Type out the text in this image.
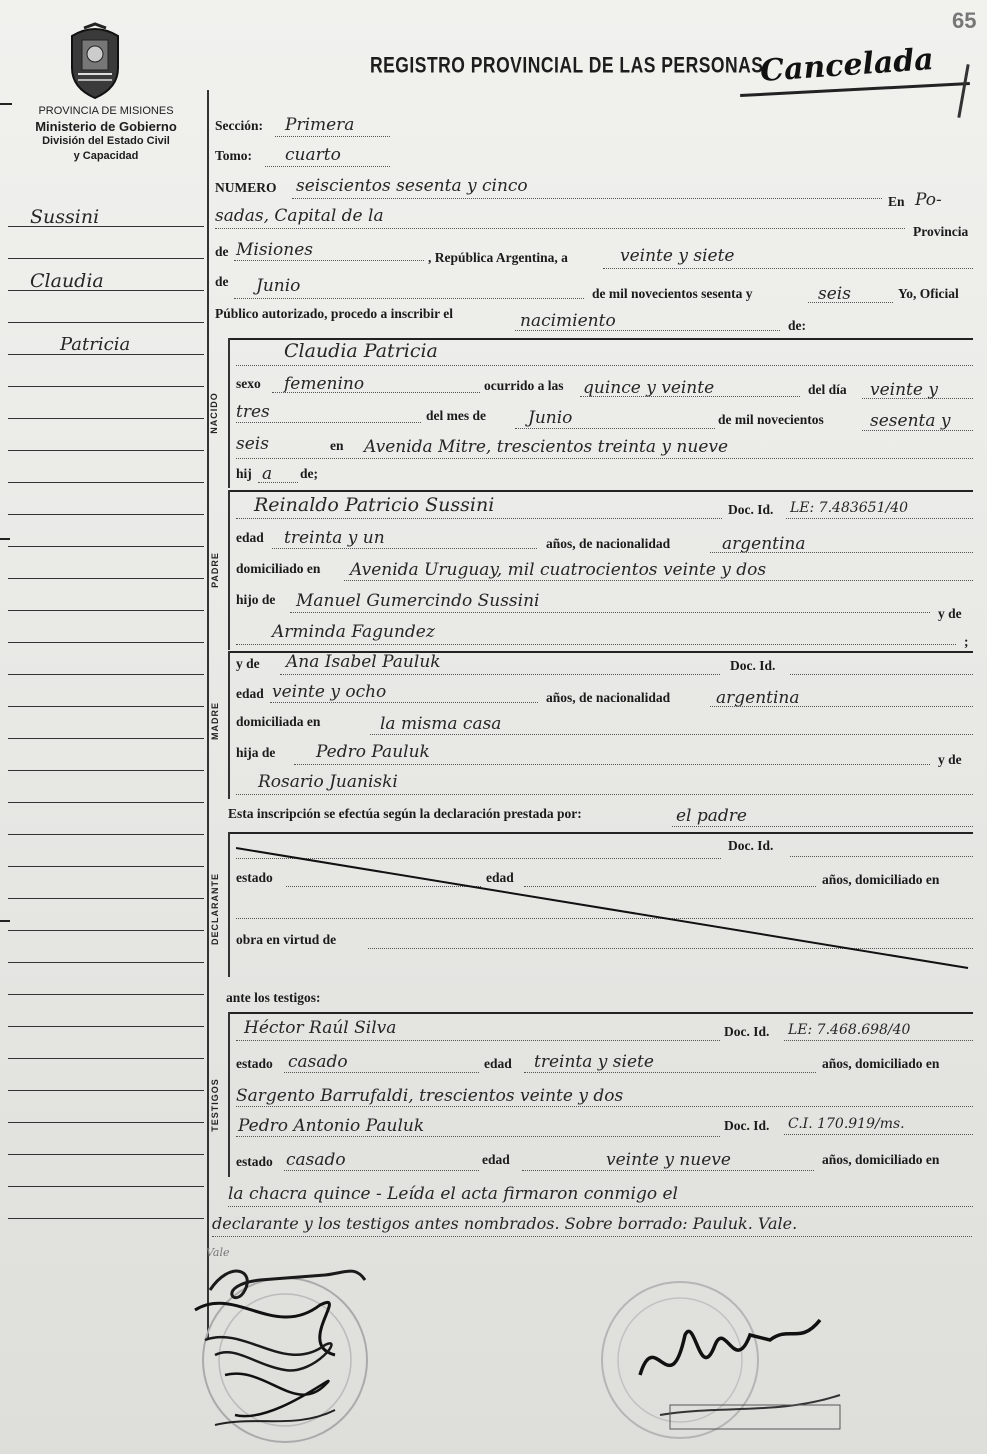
65
PROVINCIA DE MISIONES
Ministerio de Gobierno
División del Estado Civil
y Capacidad
REGISTRO PROVINCIAL DE LAS PERSONAS
Cancelada
Sussini
Claudia
Patricia
Sección: Primera
Tomo: cuarto
NUMERO seiscientos sesenta y cinco
En Po-
sadas, Capital de la
Provincia
de Misiones	, República Argentina, a	veinte y siete
de Junio	de mil novecientos sesenta y	seis	Yo, Oficial
Público autorizado, procedo a inscribir el	nacimiento	de:
NACIDO
Claudia Patricia
sexo femenino	ocurrido a las quince y veinte	del día veinte y
tres	del mes de Junio	de mil novecientos	sesenta y
seis	en Avenida Mitre, trescientos treinta y nueve
hij a de;
PADRE
Reinaldo Patricio Sussini	Doc. Id. LE: 7.483651/40
edad treinta y un	años, de nacionalidad	argentina
domiciliado en Avenida Uruguay, mil cuatrocientos veinte y dos
hijo de Manuel Gumercindo Sussini
y de
Arminda Fagundez	;
MADRE
y de Ana Isabel Pauluk	Doc. Id.
edad veinte y ocho	años, de nacionalidad	argentina
domiciliada en	la misma casa
hija de Pedro Pauluk	y de
Rosario Juaniski
Esta inscripción se efectúa según la declaración prestada por:	el padre
DECLARANTE
Doc. Id.
estado	edad	años, domiciliado en
obra en virtud de
ante los testigos:
TESTIGOS
Héctor Raúl Silva	Doc. Id. LE: 7.468.698/40
estado casado	edad treinta y siete	años, domiciliado en
Sargento Barrufaldi, trescientos veinte y dos
Pedro Antonio Pauluk	Doc. Id. C.I. 170.919/ms.
estado casado	edad	veinte y nueve	años, domiciliado en
la chacra quince - Leída el acta firmaron conmigo el
declarante y los testigos antes nombrados. Sobre borrado: Pauluk. Vale.
Vale
